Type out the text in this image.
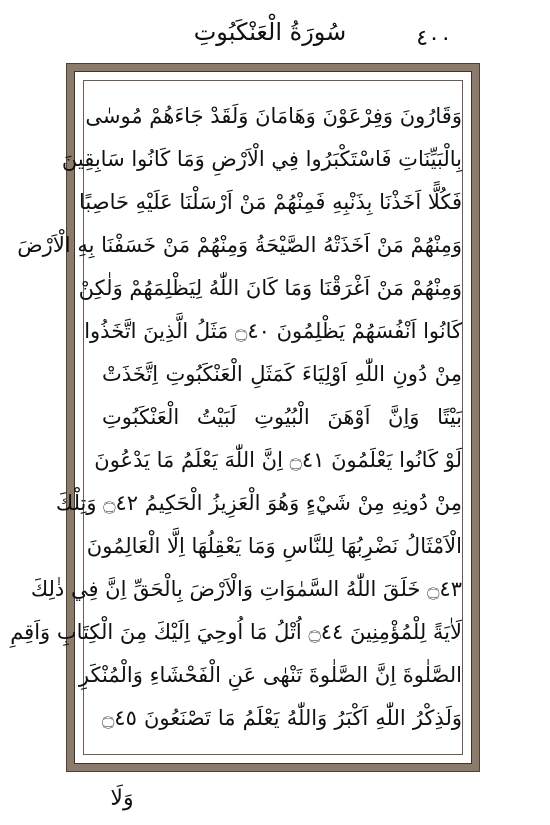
٤٠٠
سُورَةُ الْعَنْكَبُوتِ
وَقَارُونَ وَفِرْعَوْنَ وَهَامَانَ وَلَقَدْ جَاءَهُمْ مُوسٰى
بِالْبَيِّنَاتِ فَاسْتَكْبَرُوا فِي الْاَرْضِ وَمَا كَانُوا سَابِقِينَ
فَكُلًّا اَخَذْنَا بِذَنْبِهِ فَمِنْهُمْ مَنْ اَرْسَلْنَا عَلَيْهِ حَاصِبًا
وَمِنْهُمْ مَنْ اَخَذَتْهُ الصَّيْحَةُ وَمِنْهُمْ مَنْ خَسَفْنَا بِهِ الْاَرْضَ
وَمِنْهُمْ مَنْ اَغْرَقْنَا وَمَا كَانَ اللّٰهُ لِيَظْلِمَهُمْ وَلٰكِنْ
كَانُوا اَنْفُسَهُمْ يَظْلِمُونَ ۝٤٠ مَثَلُ الَّذِينَ اتَّخَذُوا
مِنْ دُونِ اللّٰهِ اَوْلِيَاءَ كَمَثَلِ الْعَنْكَبُوتِ اِتَّخَذَتْ
بَيْتًا وَاِنَّ اَوْهَنَ الْبُيُوتِ لَبَيْتُ الْعَنْكَبُوتِ
لَوْ كَانُوا يَعْلَمُونَ ۝٤١ اِنَّ اللّٰهَ يَعْلَمُ مَا يَدْعُونَ
مِنْ دُونِهِ مِنْ شَيْءٍ وَهُوَ الْعَزِيزُ الْحَكِيمُ ۝٤٢ وَتِلْكَ
الْاَمْثَالُ نَضْرِبُهَا لِلنَّاسِ وَمَا يَعْقِلُهَا اِلَّا الْعَالِمُونَ
۝٤٣ خَلَقَ اللّٰهُ السَّمٰوَاتِ وَالْاَرْضَ بِالْحَقِّ اِنَّ فِي ذٰلِكَ
لَاٰيَةً لِلْمُؤْمِنِينَ ۝٤٤ اُتْلُ مَا اُوحِيَ اِلَيْكَ مِنَ الْكِتَابِ وَاَقِمِ
الصَّلٰوةَ اِنَّ الصَّلٰوةَ تَنْهٰى عَنِ الْفَحْشَاءِ وَالْمُنْكَرِ
وَلَذِكْرُ اللّٰهِ اَكْبَرُ وَاللّٰهُ يَعْلَمُ مَا تَصْنَعُونَ ۝٤٥
وَلَا
